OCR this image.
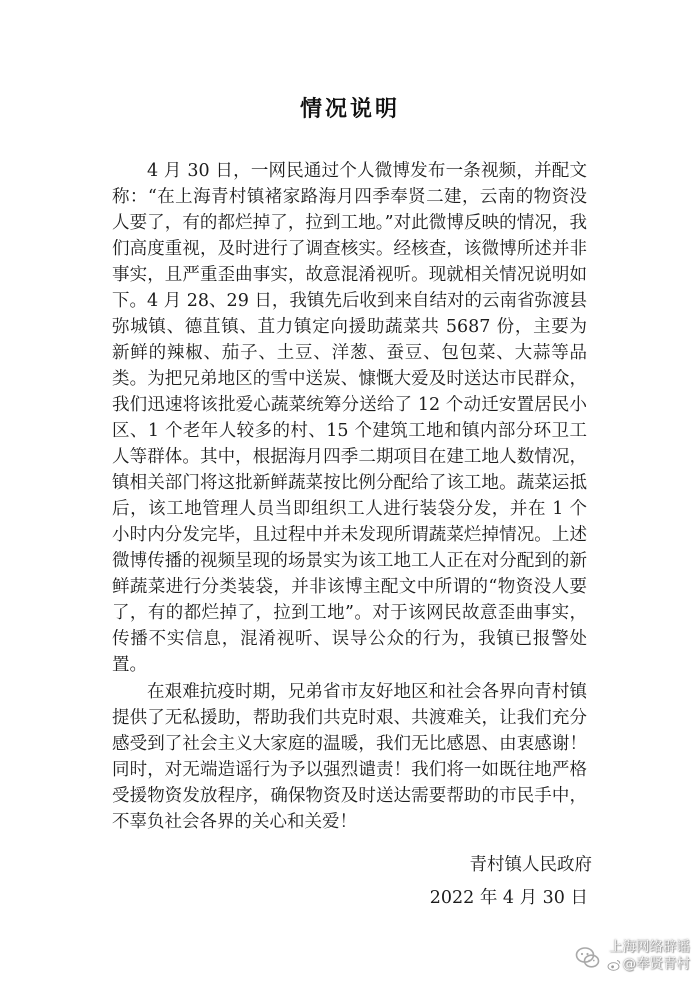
情况说明

4 月 30 日，一网民通过个人微博发布一条视频，并配文称：“在上海青村镇褚家路海月四季奉贤二建，云南的物资没人要了，有的都烂掉了，拉到工地。”对此微博反映的情况，我们高度重视，及时进行了调查核实。经核查，该微博所述并非事实，且严重歪曲事实，故意混淆视听。现就相关情况说明如下。 4 月 28、29 日，我镇先后收到来自结对的云南省弥渡县弥城镇、德苴镇、苴力镇定向援助蔬菜共 5687 份，主要为新鲜的辣椒、茄子、土豆、洋葱、蚕豆、包包菜、大蒜等品类。为把兄弟地区的雪中送炭、慷慨大爱及时送达市民群众，我们迅速将该批爱心蔬菜统筹分送给了 12 个动迁安置居民小区、1 个老年人较多的村、15 个建筑工地和镇内部分环卫工人等群体。其中，根据海月四季二期项目在建工地人数情况，镇相关部门将这批新鲜蔬菜按比例分配给了该工地。蔬菜运抵后，该工地管理人员当即组织工人进行装袋分发，并在 1 个小时内分发完毕，且过程中并未发现所谓蔬菜烂掉情况。上述微博传播的视频呈现的场景实为该工地工人正在对分配到的新鲜蔬菜进行分类装袋，并非该博主配文中所谓的“物资没人要了，有的都烂掉了，拉到工地”。对于该网民故意歪曲事实，传播不实信息，混淆视听、误导公众的行为，我镇已报警处置。

在艰难抗疫时期，兄弟省市友好地区和社会各界向青村镇提供了无私援助，帮助我们共克时艰、共渡难关，让我们充分感受到了社会主义大家庭的温暖，我们无比感恩、由衷感谢！同时，对无端造谣行为予以强烈谴责！我们将一如既往地严格受援物资发放程序，确保物资及时送达需要帮助的市民手中，不辜负社会各界的关心和关爱！

青村镇人民政府
2022 年 4 月 30 日
上海网络辟谣
@奉贤青村
